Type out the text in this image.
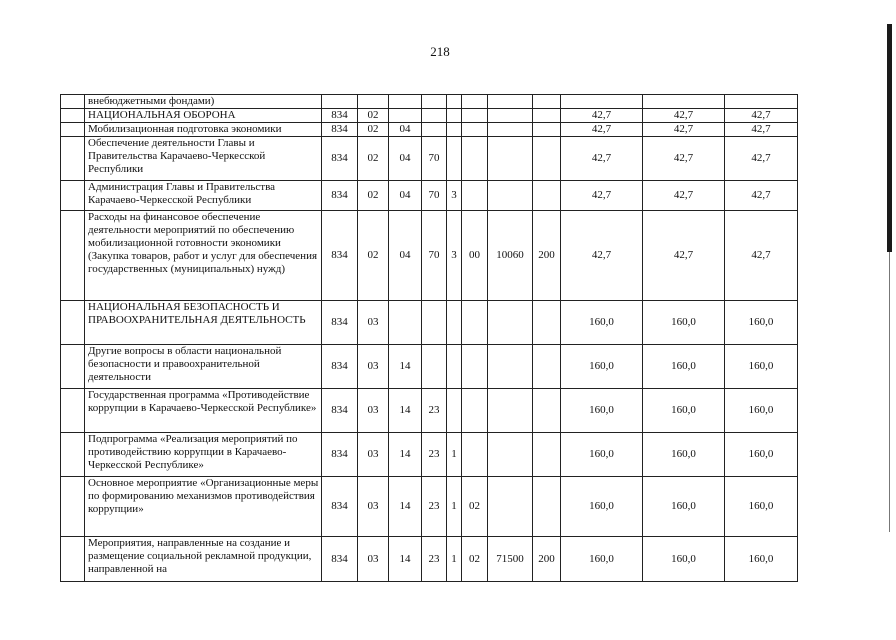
218
	внебюджетными фондами)											
	НАЦИОНАЛЬНАЯ ОБОРОНА	834	02							42,7	42,7	42,7
	Мобилизационная подготовка экономики	834	02	04						42,7	42,7	42,7
	Обеспечение деятельности Главы и Правительства Карачаево-Черкесской Республики	834	02	04	70					42,7	42,7	42,7
	Администрация Главы и Правительства Карачаево-Черкесской Республики	834	02	04	70	3				42,7	42,7	42,7
	Расходы на финансовое обеспечение деятельности мероприятий по обеспечению мобилизационной готовности экономики (Закупка товаров, работ и услуг для обеспечения государственных (муниципальных) нужд)	834	02	04	70	3	00	10060	200	42,7	42,7	42,7
	НАЦИОНАЛЬНАЯ БЕЗОПАСНОСТЬ И ПРАВООХРАНИТЕЛЬНАЯ ДЕЯТЕЛЬНОСТЬ	834	03							160,0	160,0	160,0
	Другие вопросы в области национальной безопасности и правоохранительной деятельности	834	03	14						160,0	160,0	160,0
	Государственная программа «Противодействие коррупции в Карачаево-Черкесской Республике»	834	03	14	23					160,0	160,0	160,0
	Подпрограмма «Реализация мероприятий по противодействию коррупции в Карачаево-Черкесской Республике»	834	03	14	23	1				160,0	160,0	160,0
	Основное мероприятие «Организационные меры по формированию механизмов противодействия коррупции»	834	03	14	23	1	02			160,0	160,0	160,0
	Мероприятия, направленные на создание и размещение социальной рекламной продукции, направленной на	834	03	14	23	1	02	71500	200	160,0	160,0	160,0
